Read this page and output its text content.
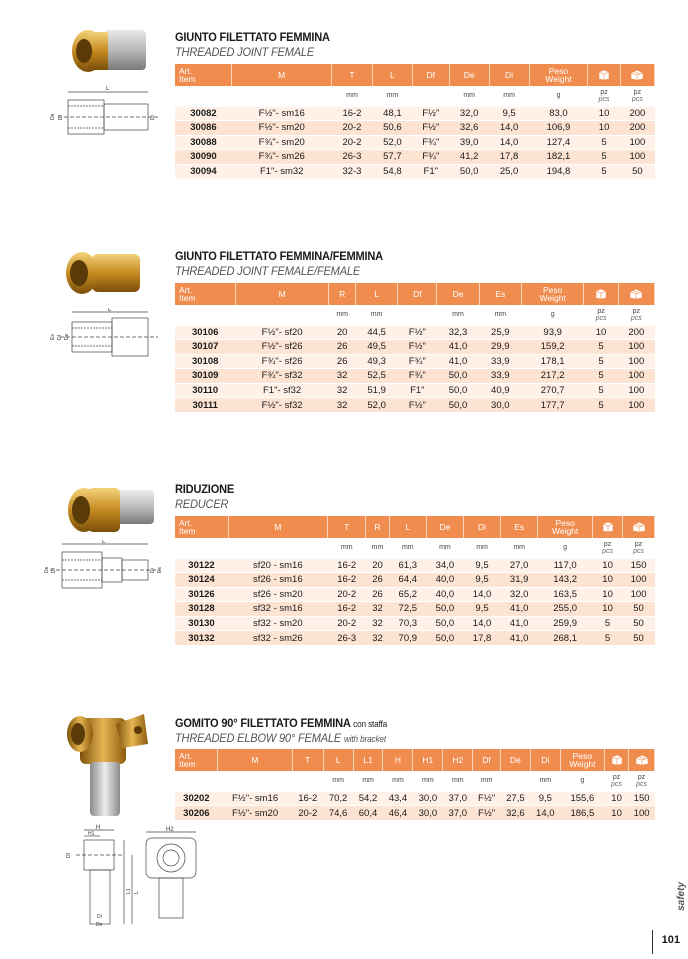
L
Df
De	Di
GIUNTO FILETTATO FEMMINA
THREADED JOINT FEMALE
Art.
Item	M	T	L	Df	De	Di	Peso
Weight		
		mm	mm		mm	mm	g	pz
pcs	pz
pcs
30082	F½"- sm16	16-2	48,1	F½"	32,0	9,5	83,0	10	200
30086	F½"- sm20	20-2	50,6	F½"	32,6	14,0	106,9	10	200
30088	F¾"- sm20	20-2	52,0	F¾"	39,0	14,0	127,4	5	100
30090	F¾"- sm26	26-3	57,7	F¾"	41,2	17,8	182,1	5	100
30094	F1"- sm32	32-3	54,8	F1"	50,0	25,0	194,8	5	50
L
Es Df De
GIUNTO FILETTATO FEMMINA/FEMMINA
THREADED JOINT FEMALE/FEMALE
Art.
Item	M	R	L	Df	De	Es	Peso
Weight		
		mm	mm		mm	mm	g	pz
pcs	pz
pcs
30106	F½"- sf20	20	44,5	F½"	32,3	25,9	93,9	10	200
30107	F½"- sf26	26	49,5	F½"	41,0	29,9	159,2	5	100
30108	F¾"- sf26	26	49,3	F¾"	41,0	33,9	178,1	5	100
30109	F¾"- sf32	32	52,5	F¾"	50,0	33,9	217,2	5	100
30110	F1"- sf32	32	51,9	F1"	50,0	40,9	270,7	5	100
30111	F½"- sf32	32	52,0	F½"	50,0	30,0	177,7	5	100
L
De Df	Di Es
RIDUZIONE
REDUCER
Art.
Item	M	T	R	L	De	Di	Es	Peso
Weight		
		mm	mm	mm	mm	mm	mm	g	pz
pcs	pz
pcs
30122	sf20 - sm16	16-2	20	61,3	34,0	9,5	27,0	117,0	10	150
30124	sf26 - sm16	16-2	26	64,4	40,0	9,5	31,9	143,2	10	100
30126	sf26 - sm20	20-2	26	65,2	40,0	14,0	32,0	163,5	10	100
30128	sf32 - sm16	16-2	32	72,5	50,0	9,5	41,0	255,0	10	50
30130	sf32 - sm20	20-2	32	70,3	50,0	14,0	41,0	259,9	5	50
30132	sf32 - sm26	26-3	32	70,9	50,0	17,8	41,0	268,1	5	50
H
H1
H2
Df
L
L1
Di
De
GOMITO 90° FILETTATO FEMMINA con staffa
THREADED ELBOW 90° FEMALE with bracket
Art.
Item	M	T	L	L1	H	H1	H2	Df	De	Di	Peso
Weight		
			mm	mm	mm	mm	mm	mm		mm	g	pz
pcs	pz
pcs
30202	F½"- sm16	16-2	70,2	54,2	43,4	30,0	37,0	F½"	27,5	9,5	155,6	10	150
30206	F½"- sm20	20-2	74,6	60,4	46,4	30,0	37,0	F½"	32,6	14,0	186,5	10	100
safety
101
